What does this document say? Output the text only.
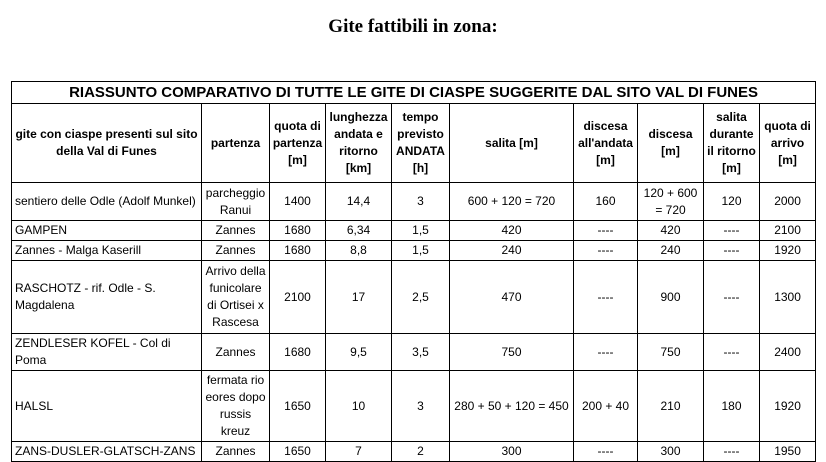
Gite fattibili in zona:
RIASSUNTO COMPARATIVO DI TUTTE LE GITE DI CIASPE SUGGERITE DAL SITO VAL DI FUNES									
gite con ciaspe presenti sul sito della Val di Funes	partenza	quota di partenza [m]	lunghezza andata e ritorno [km]	tempo previsto ANDATA [h]	salita [m]	discesa all'andata [m]	discesa [m]	salita durante il ritorno [m]	quota di arrivo [m]
sentiero delle Odle (Adolf Munkel)	parcheggio Ranui	1400	14,4	3	600 + 120 = 720	160	120 + 600 = 720	120	2000
GAMPEN	Zannes	1680	6,34	1,5	420	----	420	----	2100
Zannes - Malga Kaserill	Zannes	1680	8,8	1,5	240	----	240	----	1920
RASCHOTZ - rif. Odle - S. Magdalena	Arrivo della funicolare di Ortisei x Rascesa	2100	17	2,5	470	----	900	----	1300
ZENDLESER KOFEL - Col di Poma	Zannes	1680	9,5	3,5	750	----	750	----	2400
HALSL	fermata rio eores dopo russis kreuz	1650	10	3	280 + 50 + 120 = 450	200 + 40	210	180	1920
ZANS-DUSLER-GLATSCH-ZANS	Zannes	1650	7	2	300	----	300	----	1950
